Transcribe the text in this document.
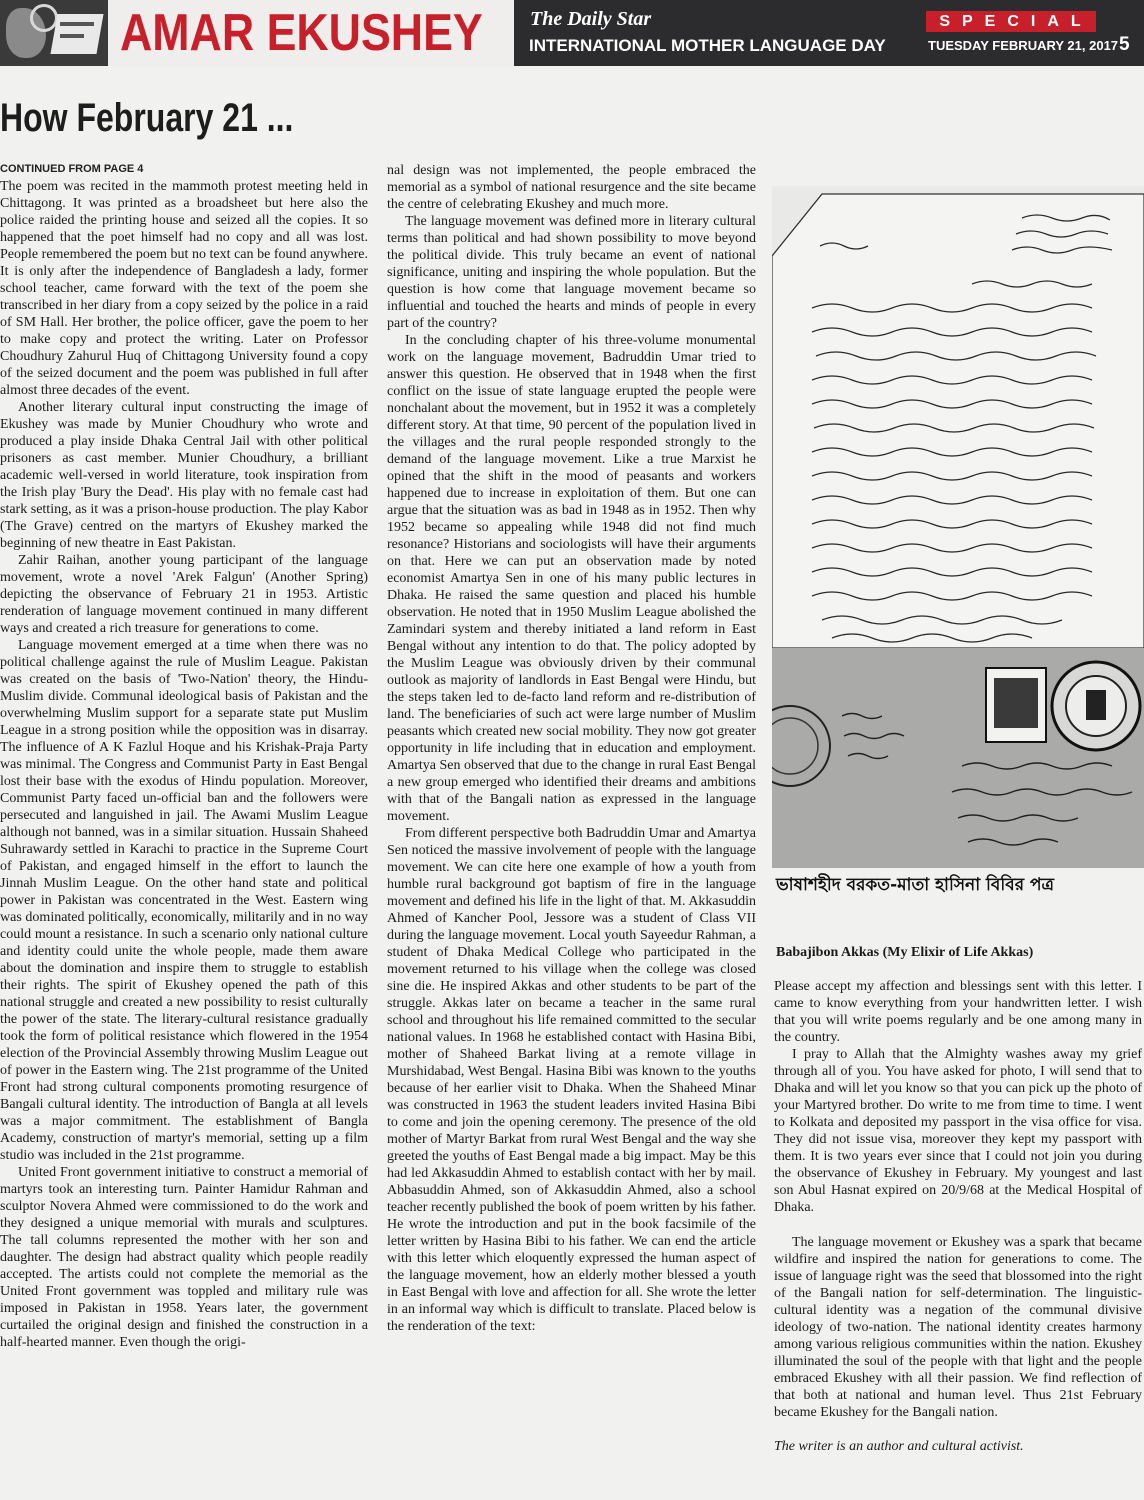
AMAR EKUSHEY The Daily Star
INTERNATIONAL MOTHER LANGUAGE DAY
SPECIAL
TUESDAY FEBRUARY 21, 2017 5
How February 21 ...
CONTINUED FROM PAGE 4

The poem was recited in the mammoth protest meeting held in Chittagong. It was printed as a broadsheet but here also the police raided the printing house and seized all the copies. It so happened that the poet himself had no copy and all was lost. People remembered the poem but no text can be found anywhere. It is only after the independence of Bangladesh a lady, former school teacher, came forward with the text of the poem she transcribed in her diary from a copy seized by the police in a raid of SM Hall. Her brother, the police officer, gave the poem to her to make copy and protect the writing. Later on Professor Choudhury Zahurul Huq of Chittagong University found a copy of the seized document and the poem was published in full after almost three decades of the event.

Another literary cultural input constructing the image of Ekushey was made by Munier Choudhury who wrote and produced a play inside Dhaka Central Jail with other political prisoners as cast member. Munier Choudhury, a brilliant academic well-versed in world literature, took inspiration from the Irish play 'Bury the Dead'. His play with no female cast had stark setting, as it was a prison-house production. The play Kabor (The Grave) centred on the martyrs of Ekushey marked the beginning of new theatre in East Pakistan.

Zahir Raihan, another young participant of the language movement, wrote a novel 'Arek Falgun' (Another Spring) depicting the observance of February 21 in 1953. Artistic renderation of language movement continued in many different ways and created a rich treasure for generations to come.

Language movement emerged at a time when there was no political challenge against the rule of Muslim League. Pakistan was created on the basis of 'Two-Nation' theory, the Hindu-Muslim divide. Communal ideological basis of Pakistan and the overwhelming Muslim support for a separate state put Muslim League in a strong position while the opposition was in disarray. The influence of A K Fazlul Hoque and his Krishak-Praja Party was minimal. The Congress and Communist Party in East Bengal lost their base with the exodus of Hindu population. Moreover, Communist Party faced un-official ban and the followers were persecuted and languished in jail. The Awami Muslim League although not banned, was in a similar situation. Hussain Shaheed Suhrawardy settled in Karachi to practice in the Supreme Court of Pakistan, and engaged himself in the effort to launch the Jinnah Muslim League. On the other hand state and political power in Pakistan was concentrated in the West. Eastern wing was dominated politically, economically, militarily and in no way could mount a resistance. In such a scenario only national culture and identity could unite the whole people, made them aware about the domination and inspire them to struggle to establish their rights. The spirit of Ekushey opened the path of this national struggle and created a new possibility to resist culturally the power of the state. The literary-cultural resistance gradually took the form of political resistance which flowered in the 1954 election of the Provincial Assembly throwing Muslim League out of power in the Eastern wing. The 21st programme of the United Front had strong cultural components promoting resurgence of Bangali cultural identity. The introduction of Bangla at all levels was a major commitment. The establishment of Bangla Academy, construction of martyr's memorial, setting up a film studio was included in the 21st programme.

United Front government initiative to construct a memorial of martyrs took an interesting turn. Painter Hamidur Rahman and sculptor Novera Ahmed were commissioned to do the work and they designed a unique memorial with murals and sculptures. The tall columns represented the mother with her son and daughter. The design had abstract quality which people readily accepted. The artists could not complete the memorial as the United Front government was toppled and military rule was imposed in Pakistan in 1958. Years later, the government curtailed the original design and finished the construction in a half-hearted manner. Even though the origi-

nal design was not implemented, the people embraced the memorial as a symbol of national resurgence and the site became the centre of celebrating Ekushey and much more.

The language movement was defined more in literary cultural terms than political and had shown possibility to move beyond the political divide. This truly became an event of national significance, uniting and inspiring the whole population. But the question is how come that language movement became so influential and touched the hearts and minds of people in every part of the country?

In the concluding chapter of his three-volume monumental work on the language movement, Badruddin Umar tried to answer this question. He observed that in 1948 when the first conflict on the issue of state language erupted the people were nonchalant about the movement, but in 1952 it was a completely different story. At that time, 90 percent of the population lived in the villages and the rural people responded strongly to the demand of the language movement. Like a true Marxist he opined that the shift in the mood of peasants and workers happened due to increase in exploitation of them. But one can argue that the situation was as bad in 1948 as in 1952. Then why 1952 became so appealing while 1948 did not find much resonance? Historians and sociologists will have their arguments on that. Here we can put an observation made by noted economist Amartya Sen in one of his many public lectures in Dhaka. He raised the same question and placed his humble observation. He noted that in 1950 Muslim League abolished the Zamindari system and thereby initiated a land reform in East Bengal without any intention to do that. The policy adopted by the Muslim League was obviously driven by their communal outlook as majority of landlords in East Bengal were Hindu, but the steps taken led to de-facto land reform and re-distribution of land. The beneficiaries of such act were large number of Muslim peasants which created new social mobility. They now got greater opportunity in life including that in education and employment. Amartya Sen observed that due to the change in rural East Bengal a new group emerged who identified their dreams and ambitions with that of the Bangali nation as expressed in the language movement.

From different perspective both Badruddin Umar and Amartya Sen noticed the massive involvement of people with the language movement. We can cite here one example of how a youth from humble rural background got baptism of fire in the language movement and defined his life in the light of that. M. Akkasuddin Ahmed of Kancher Pool, Jessore was a student of Class VII during the language movement. Local youth Sayeedur Rahman, a student of Dhaka Medical College who participated in the movement returned to his village when the college was closed sine die. He inspired Akkas and other students to be part of the struggle. Akkas later on became a teacher in the same rural school and throughout his life remained committed to the secular national values. In 1968 he established contact with Hasina Bibi, mother of Shaheed Barkat living at a remote village in Murshidabad, West Bengal. Hasina Bibi was known to the youths because of her earlier visit to Dhaka. When the Shaheed Minar was constructed in 1963 the student leaders invited Hasina Bibi to come and join the opening ceremony. The presence of the old mother of Martyr Barkat from rural West Bengal and the way she greeted the youths of East Bengal made a big impact. May be this had led Akkasuddin Ahmed to establish contact with her by mail. Abbasuddin Ahmed, son of Akkasuddin Ahmed, also a school teacher recently published the book of poem written by his father. He wrote the introduction and put in the book facsimile of the letter written by Hasina Bibi to his father. We can end the article with this letter which eloquently expressed the human aspect of the language movement, how an elderly mother blessed a youth in East Bengal with love and affection for all. She wrote the letter in an informal way which is difficult to translate. Placed below is the renderation of the text:

ভাষাশহীদ বরকত-মাতা হাসিনা বিবির পত্র
Babajibon Akkas (My Elixir of Life Akkas)

Please accept my affection and blessings sent with this letter. I came to know everything from your handwritten letter. I wish that you will write poems regularly and be one among many in the country.

I pray to Allah that the Almighty washes away my grief through all of you. You have asked for photo, I will send that to Dhaka and will let you know so that you can pick up the photo of your Martyred brother. Do write to me from time to time. I went to Kolkata and deposited my passport in the visa office for visa. They did not issue visa, moreover they kept my passport with them. It is two years ever since that I could not join you during the observance of Ekushey in February. My youngest and last son Abul Hasnat expired on 20/9/68 at the Medical Hospital of Dhaka.

The language movement or Ekushey was a spark that became wildfire and inspired the nation for generations to come. The issue of language right was the seed that blossomed into the right of the Bangali nation for self-determination. The linguistic-cultural identity was a negation of the communal divisive ideology of two-nation. The national identity creates harmony among various religious communities within the nation. Ekushey illuminated the soul of the people with that light and the people embraced Ekushey with all their passion. We find reflection of that both at national and human level. Thus 21st February became Ekushey for the Bangali nation.

The writer is an author and cultural activist.
